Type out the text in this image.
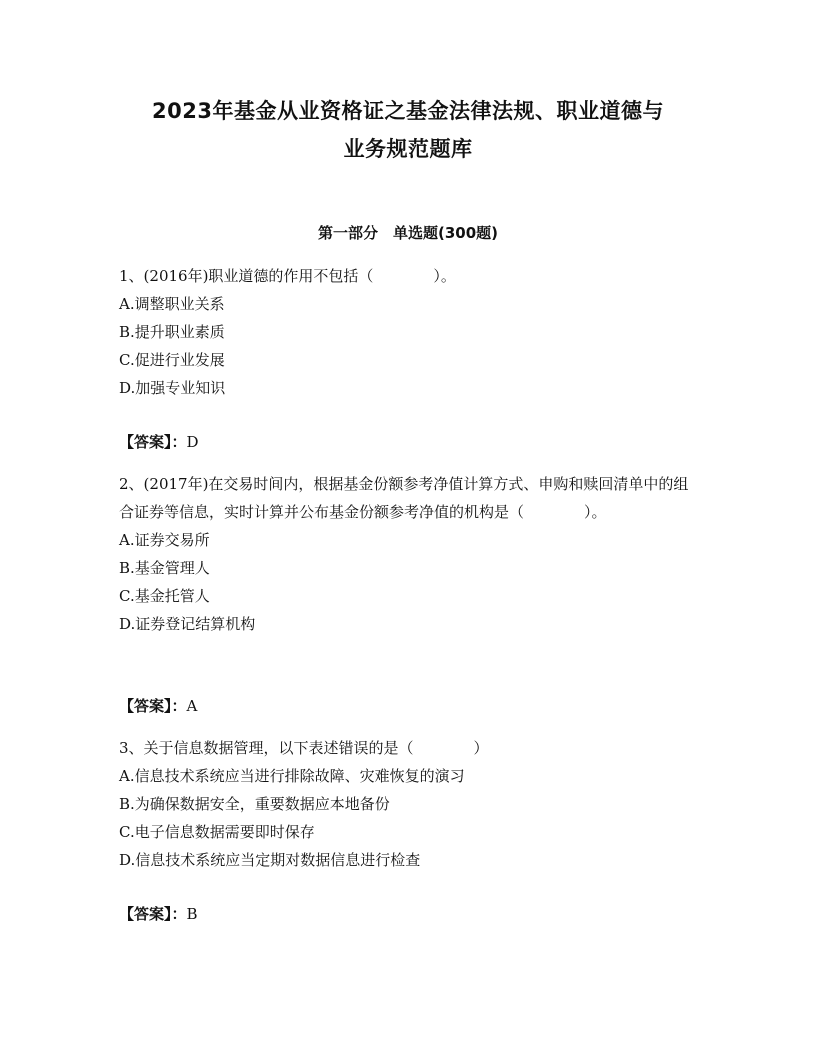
2023年基金从业资格证之基金法律法规、职业道德与
业务规范题库
第一部分　单选题(300题)
1、(2016年)职业道德的作用不包括（　　　　）。
A.调整职业关系
B.提升职业素质
C.促进行业发展
D.加强专业知识
【答案】：D
2、(2017年)在交易时间内，根据基金份额参考净值计算方式、申购和赎回清单中的组合证券等信息，实时计算并公布基金份额参考净值的机构是（　　　　）。
A.证券交易所
B.基金管理人
C.基金托管人
D.证券登记结算机构
【答案】：A
3、关于信息数据管理，以下表述错误的是（　　　　）
A.信息技术系统应当进行排除故障、灾难恢复的演习
B.为确保数据安全，重要数据应本地备份
C.电子信息数据需要即时保存
D.信息技术系统应当定期对数据信息进行检查
【答案】：B
